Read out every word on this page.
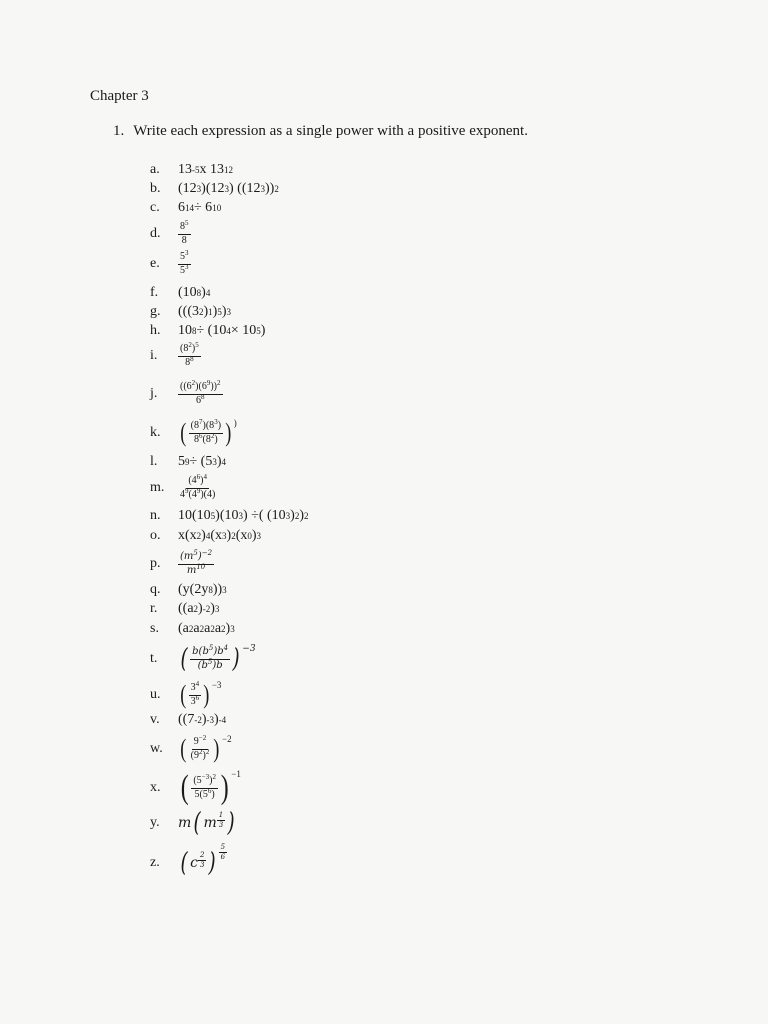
Chapter 3
1. Write each expression as a single power with a positive exponent.
a.	13 -5 x 13 12
b.	(12 3 )(12 3 ) ((12 3 )) 2
c.	6 14 ÷ 6 10
d.	$\frac{8^5}{8}$
e.	$\frac{5^3}{5^3}$
f.	(10 8 ) 4
g.	(((3 2 ) 1 ) 5 ) 3
h.	10 8 ÷ (10 4 × 10 5 )
i.	$\frac{(8^2)^5}{8^8}$
j.	$\frac{((6^2)(6^9))^2}{6^8}$
k. ( $\frac{(8^7)(8^3)}{8^6(8^2)}$ ) )
l.	5 9 ÷ (5 3 ) 4
m.	$\frac{(4^6)^4}{4^9(4^9)(4)}$
n.	10(10 5 )(10 3 ) ÷( (10 3 ) 2 ) 2
o.	x(x 2 ) 4 (x 3 ) 2 (x 0 ) 3
p.	$\frac{(m^5)^{-2}}{m^{10}}$
q.	(y(2y 8 )) 3
r.	((a 2 ) -2 ) 3
s.	(a 2 a 2 a 2 a 2 ) 3
t. ( $\frac{b(b^5)b^4}{(b^5)b}$ ) −3
u. ( $\frac{3^4}{3^6}$ ) −3
v.	((7 -2 ) -3 ) -4
w. ( $\frac{9^{-2}}{(9^2)^2}$ ) −2
x. ( $\frac{(5^{-3})^2}{5(5^6)}$ ) −1
y.	m ( m $\frac{1}{3}$ )
z. ( c $\frac{2}{3}$ ) $\frac{5}{6}$
